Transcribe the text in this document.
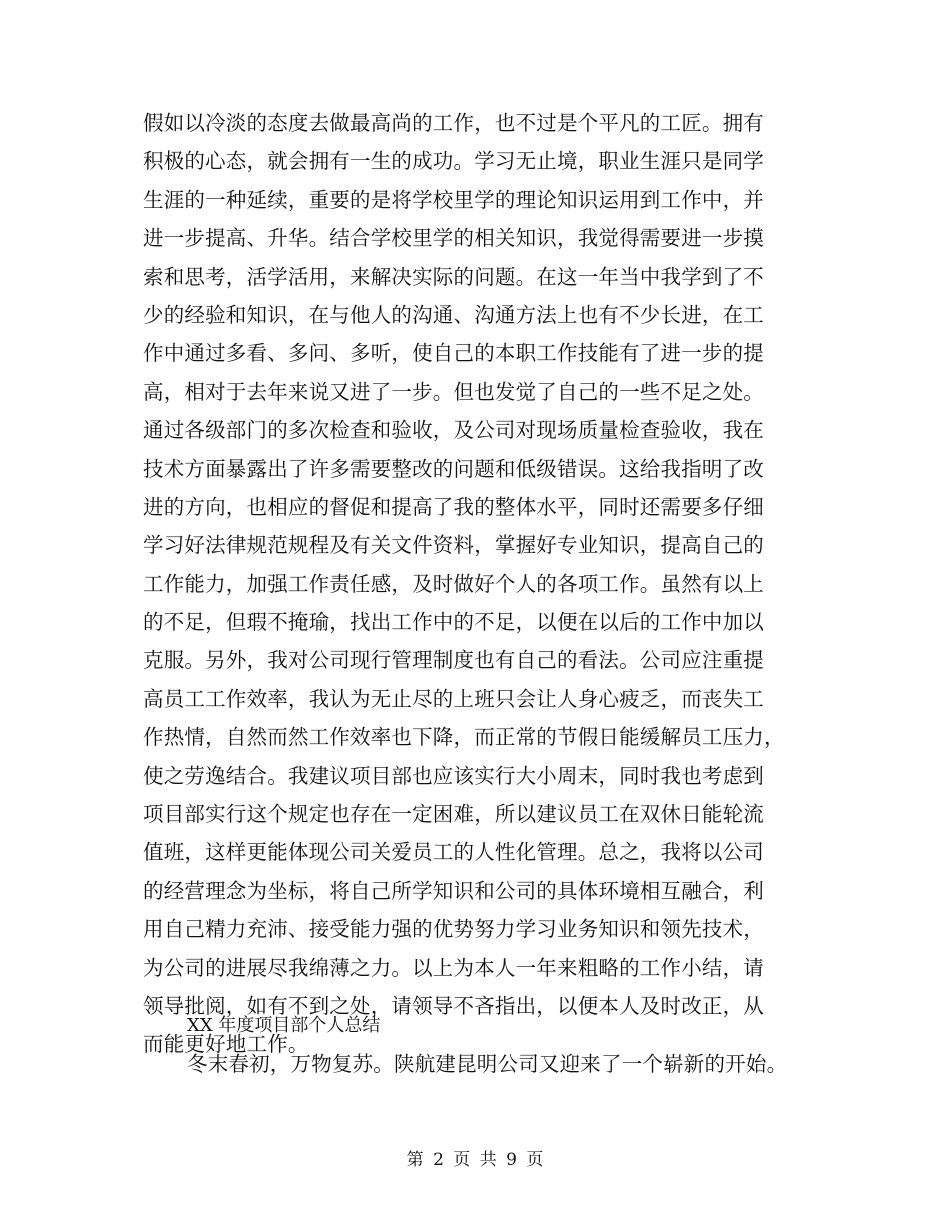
假如以冷淡的态度去做最高尚的工作，也不过是个平凡的工匠。拥有
积极的心态，就会拥有一生的成功。学习无止境，职业生涯只是同学
生涯的一种延续，重要的是将学校里学的理论知识运用到工作中，并
进一步提高、升华。结合学校里学的相关知识，我觉得需要进一步摸
索和思考，活学活用，来解决实际的问题。在这一年当中我学到了不
少的经验和知识，在与他人的沟通、沟通方法上也有不少长进，在工
作中通过多看、多问、多听，使自己的本职工作技能有了进一步的提
高，相对于去年来说又进了一步。但也发觉了自己的一些不足之处。
通过各级部门的多次检查和验收，及公司对现场质量检查验收，我在
技术方面暴露出了许多需要整改的问题和低级错误。这给我指明了改
进的方向，也相应的督促和提高了我的整体水平，同时还需要多仔细
学习好法律规范规程及有关文件资料，掌握好专业知识，提高自己的
工作能力，加强工作责任感，及时做好个人的各项工作。虽然有以上
的不足，但瑕不掩瑜，找出工作中的不足，以便在以后的工作中加以
克服。另外，我对公司现行管理制度也有自己的看法。公司应注重提
高员工工作效率，我认为无止尽的上班只会让人身心疲乏，而丧失工
作热情，自然而然工作效率也下降，而正常的节假日能缓解员工压力，
使之劳逸结合。我建议项目部也应该实行大小周末，同时我也考虑到
项目部实行这个规定也存在一定困难，所以建议员工在双休日能轮流
值班，这样更能体现公司关爱员工的人性化管理。总之，我将以公司
的经营理念为坐标，将自己所学知识和公司的具体环境相互融合，利
用自己精力充沛、接受能力强的优势努力学习业务知识和领先技术，
为公司的进展尽我绵薄之力。以上为本人一年来粗略的工作小结，请
领导批阅，如有不到之处，请领导不吝指出，以便本人及时改正，从
而能更好地工作。
XX 年度项目部个人总结
冬末春初，万物复苏。陕航建昆明公司又迎来了一个崭新的开始。
第 2 页 共 9 页
